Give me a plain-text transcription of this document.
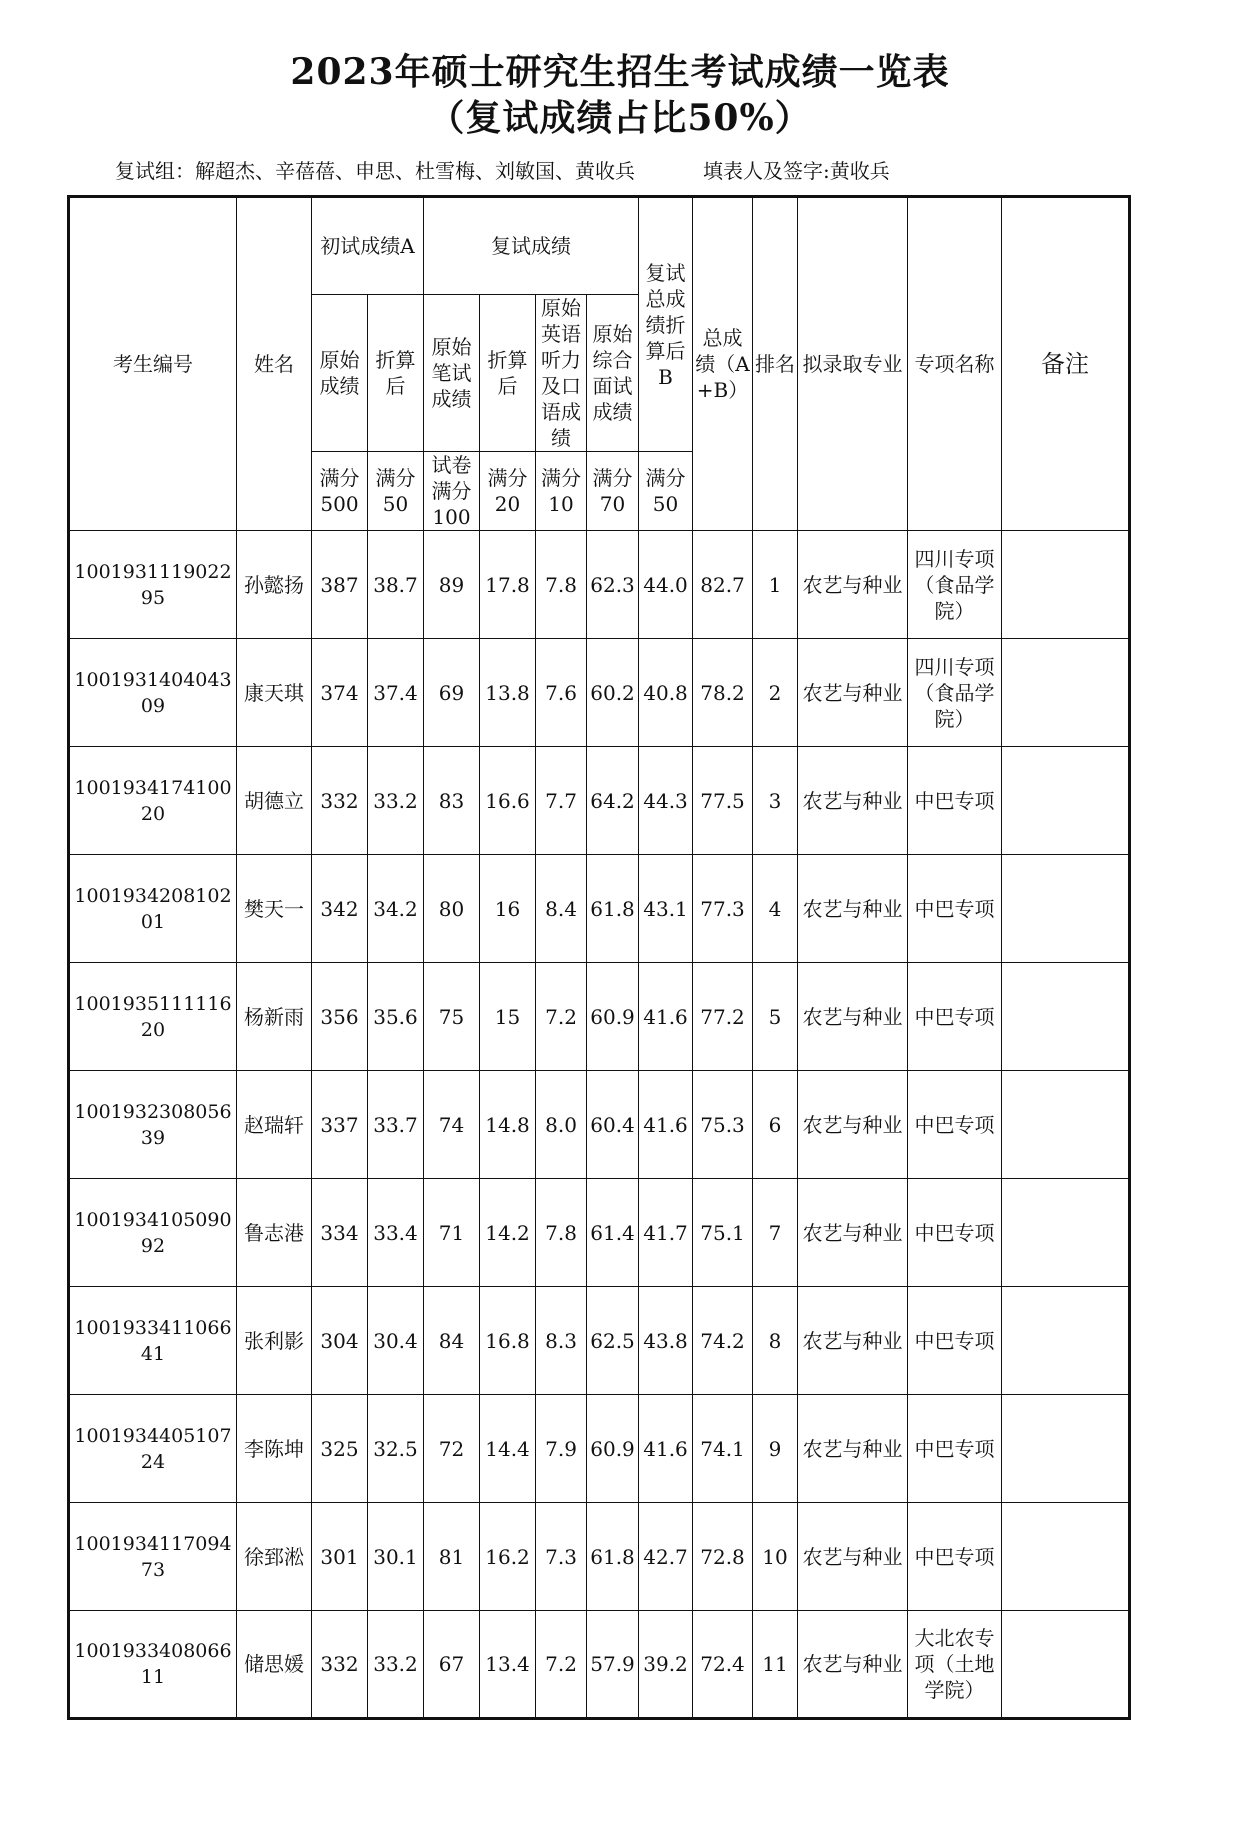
2023年硕士研究生招生考试成绩一览表
（复试成绩占比50%）
复试组：解超杰、辛蓓蓓、申思、杜雪梅、刘敏国、黄收兵	填表人及签字:黄收兵
考生编号	姓名	初试成绩A		复试成绩				复试总成绩折算后B	总成绩（A+B）	排名	拟录取专业	专项名称	备注
		原始成绩	折算后	原始笔试成绩	折算后	原始英语听力及口语成绩	原始综合面试成绩						
		满分500	满分50	试卷满分100	满分20	满分10	满分70	满分50					
100193111902295	孙懿扬	387	38.7	89	17.8	7.8	62.3	44.0	82.7	1	农艺与种业	四川专项（食品学院）	
100193140404309	康天琪	374	37.4	69	13.8	7.6	60.2	40.8	78.2	2	农艺与种业	四川专项（食品学院）	
100193417410020	胡德立	332	33.2	83	16.6	7.7	64.2	44.3	77.5	3	农艺与种业	中巴专项	
100193420810201	樊天一	342	34.2	80	16	8.4	61.8	43.1	77.3	4	农艺与种业	中巴专项	
100193511111620	杨新雨	356	35.6	75	15	7.2	60.9	41.6	77.2	5	农艺与种业	中巴专项	
100193230805639	赵瑞轩	337	33.7	74	14.8	8.0	60.4	41.6	75.3	6	农艺与种业	中巴专项	
100193410509092	鲁志港	334	33.4	71	14.2	7.8	61.4	41.7	75.1	7	农艺与种业	中巴专项	
100193341106641	张利影	304	30.4	84	16.8	8.3	62.5	43.8	74.2	8	农艺与种业	中巴专项	
100193440510724	李陈坤	325	32.5	72	14.4	7.9	60.9	41.6	74.1	9	农艺与种业	中巴专项	
100193411709473	徐郅淞	301	30.1	81	16.2	7.3	61.8	42.7	72.8	10	农艺与种业	中巴专项	
100193340806611	储思媛	332	33.2	67	13.4	7.2	57.9	39.2	72.4	11	农艺与种业	大北农专项（土地学院）	
